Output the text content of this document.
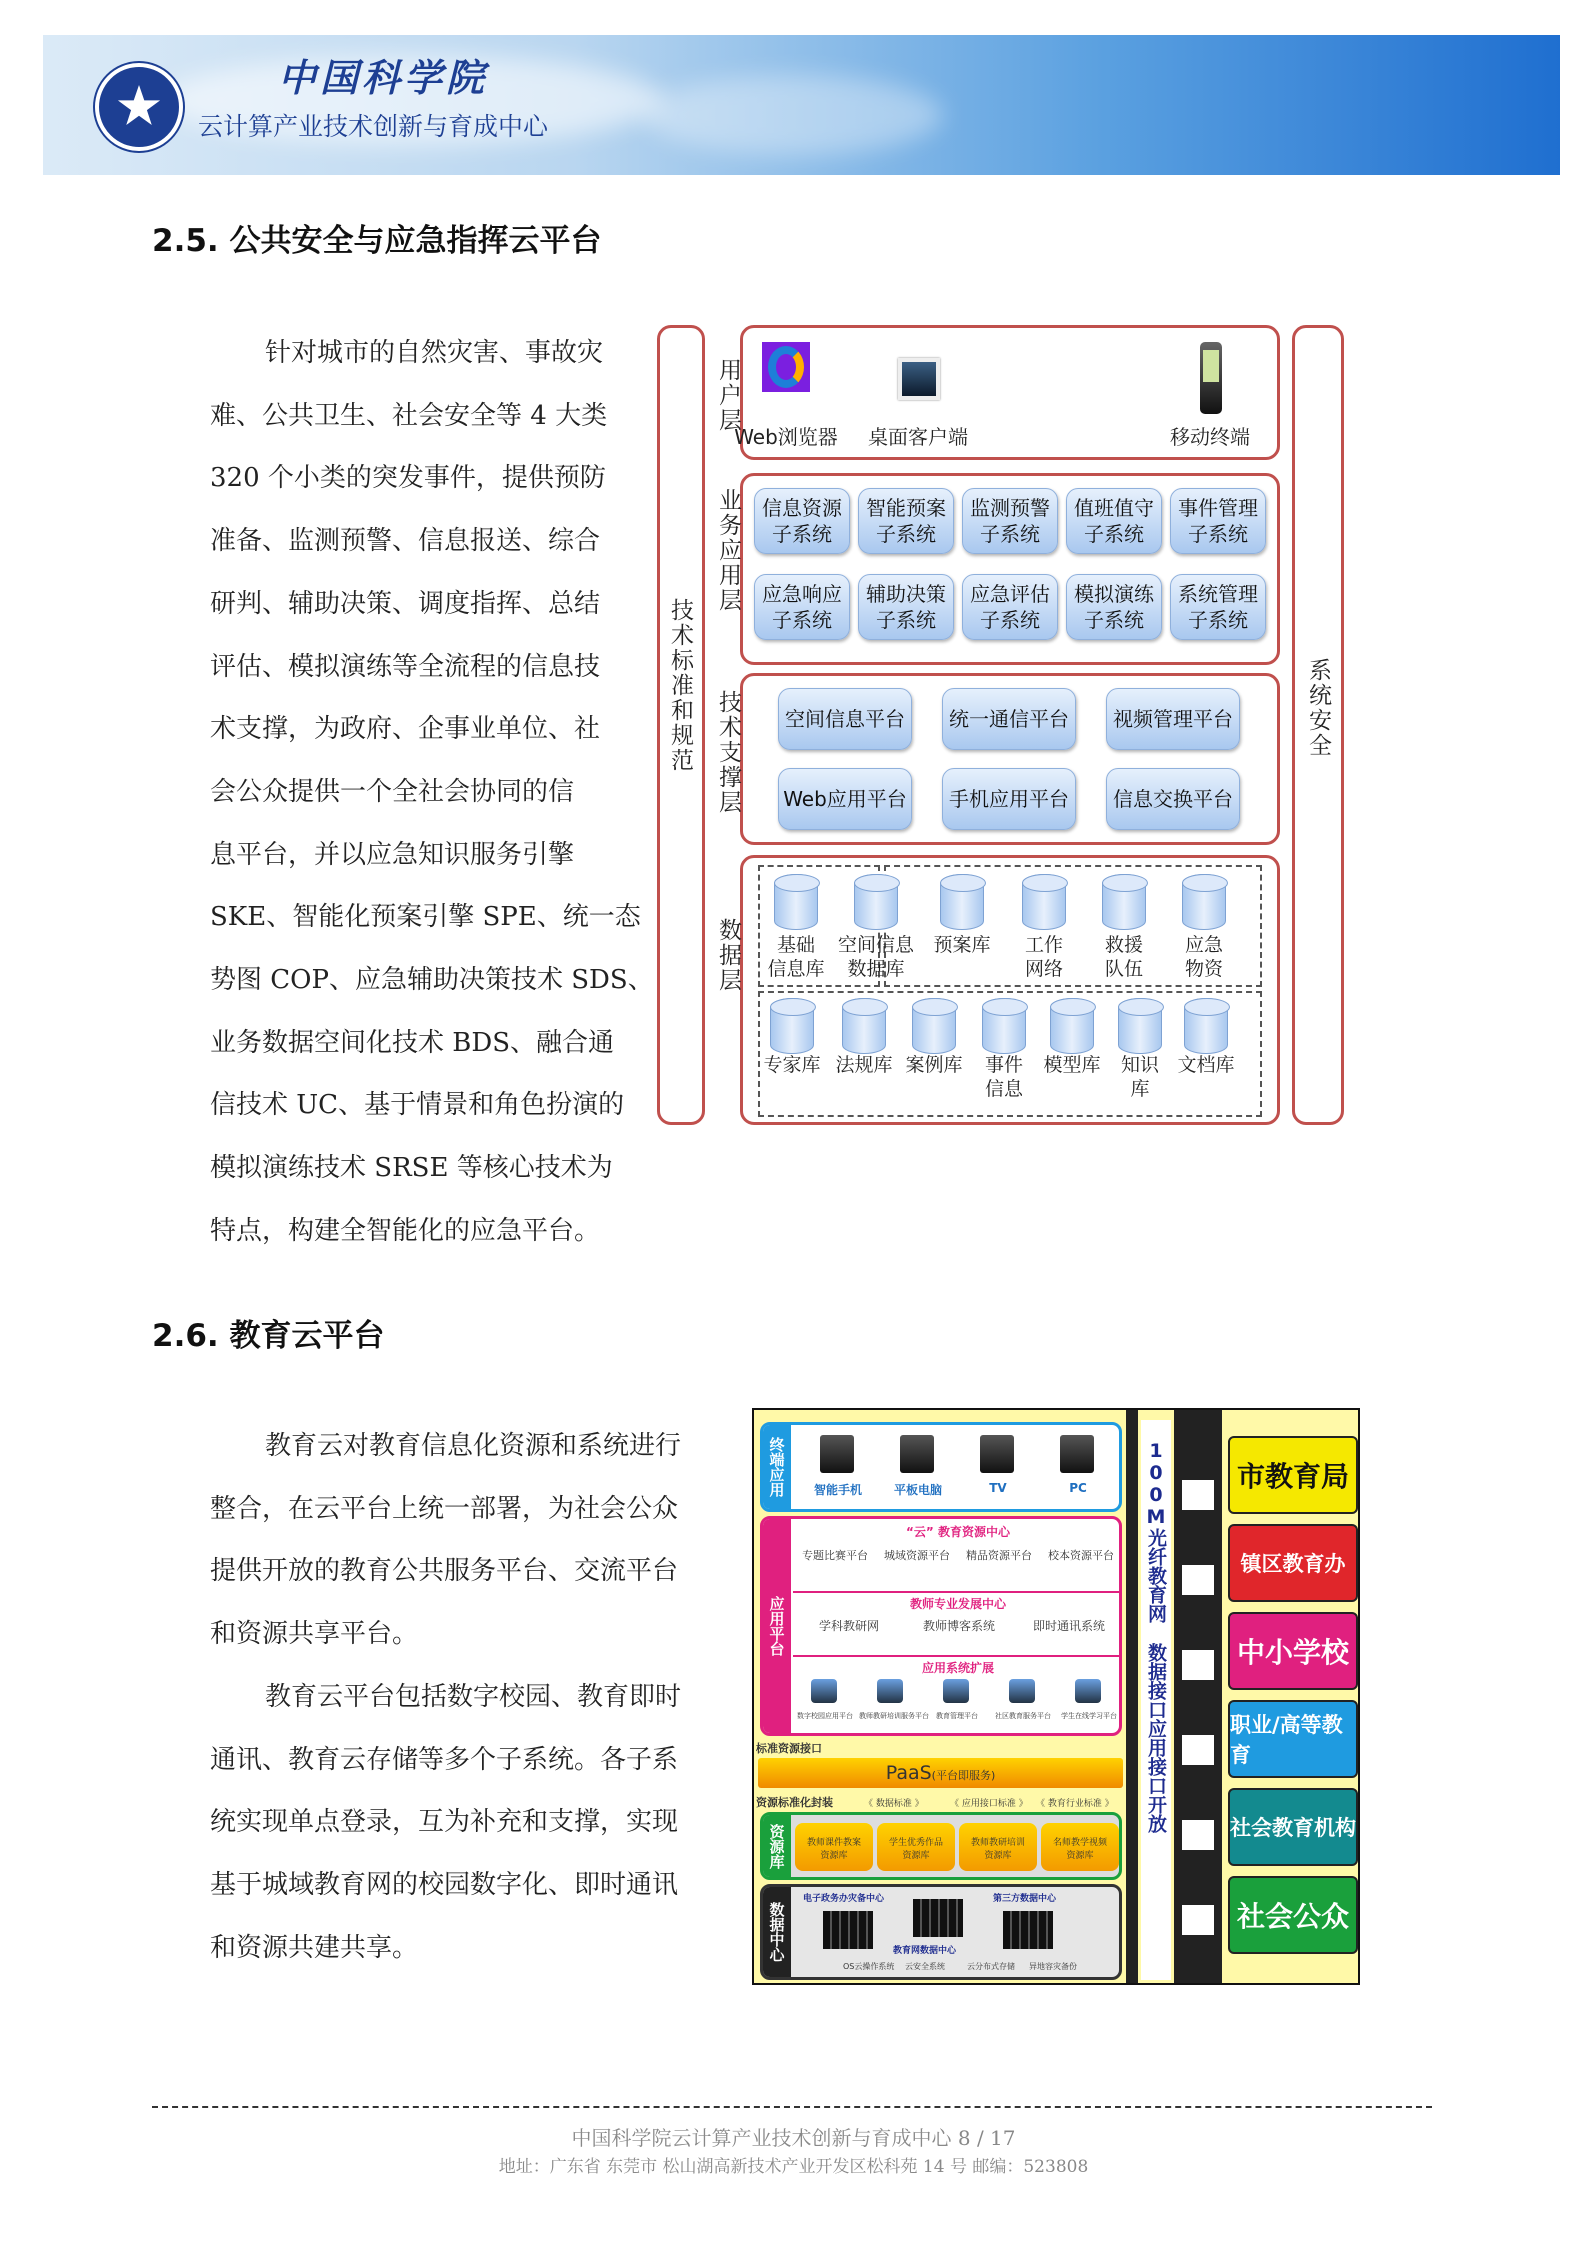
中国科学院
云计算产业技术创新与育成中心
2.5. 公共安全与应急指挥云平台
针对城市的自然灾害、事故灾
难、公共卫生、社会安全等 4 大类
320 个小类的突发事件，提供预防
准备、监测预警、信息报送、综合
研判、辅助决策、调度指挥、总结
评估、模拟演练等全流程的信息技
术支撑，为政府、企事业单位、社
会公众提供一个全社会协同的信
息平台，并以应急知识服务引擎
SKE、智能化预案引擎 SPE、统一态
势图 COP、应急辅助决策技术 SDS、
业务数据空间化技术 BDS、融合通
信技术 UC、基于情景和角色扮演的
模拟演练技术 SRSE 等核心技术为
特点，构建全智能化的应急平台。
技术标准和规范	系统安全
用户层
Web浏览器	桌面客户端	移动终端
业务应用层	信息资源
子系统
智能预案
子系统
监测预警
子系统
值班值守
子系统
事件管理
子系统
应急响应
子系统
辅助决策
子系统
应急评估
子系统
模拟演练
子系统
系统管理
子系统
技术支撑层	空间信息平台	统一通信平台	视频管理平台
Web应用平台	手机应用平台	信息交换平台
数据层	基础
信息库
空间信息
数据库
预案库	工作
网络
救援
队伍
应急
物资
专家库 法规库 案例库	事件
信息
模型库	知识
库
文档库
2.6. 教育云平台
教育云对教育信息化资源和系统进行
整合，在云平台上统一部署，为社会公众
提供开放的教育公共服务平台、交流平台
和资源共享平台。
教育云平台包括数字校园、教育即时
通讯、教育云存储等多个子系统。各子系
统实现单点登录，互为补充和支撑，实现
基于城域教育网的校园数字化、即时通讯
和资源共建共享。
终端应用	智能手机	平板电脑	TV	PC
应用平台
“云” 教育资源中心
专题比赛平台	城域资源平台	精品资源平台	校本资源平台
教师专业发展中心
学科教研网	教师博客系统	即时通讯系统
应用系统扩展
数字校园应用平台 教师教研培训服务平台	教育管理平台	社区教育服务平台	学生在线学习平台
标准资源接口
PaaS(平台即服务)
资源标准化封装	《 数据标准 》	《 应用接口标准 》 《 教育行业标准 》
资源库	教师课件教案
资源库
学生优秀作品
资源库
教师教研培训
资源库
名师教学视频
资源库
数据中心
电子政务办灾备中心
教育网数据中心
第三方数据中心
OS云操作系统 云安全系统	云分布式存储 异地容灾备份
100M光纤教育网数据接口应用接口开放
市教育局
镇区教育办
中小学校
职业/高等教育
社会教育机构
社会公众
中国科学院云计算产业技术创新与育成中心 8 / 17
地址：广东省 东莞市 松山湖高新技术产业开发区松科苑 14 号 邮编：523808
